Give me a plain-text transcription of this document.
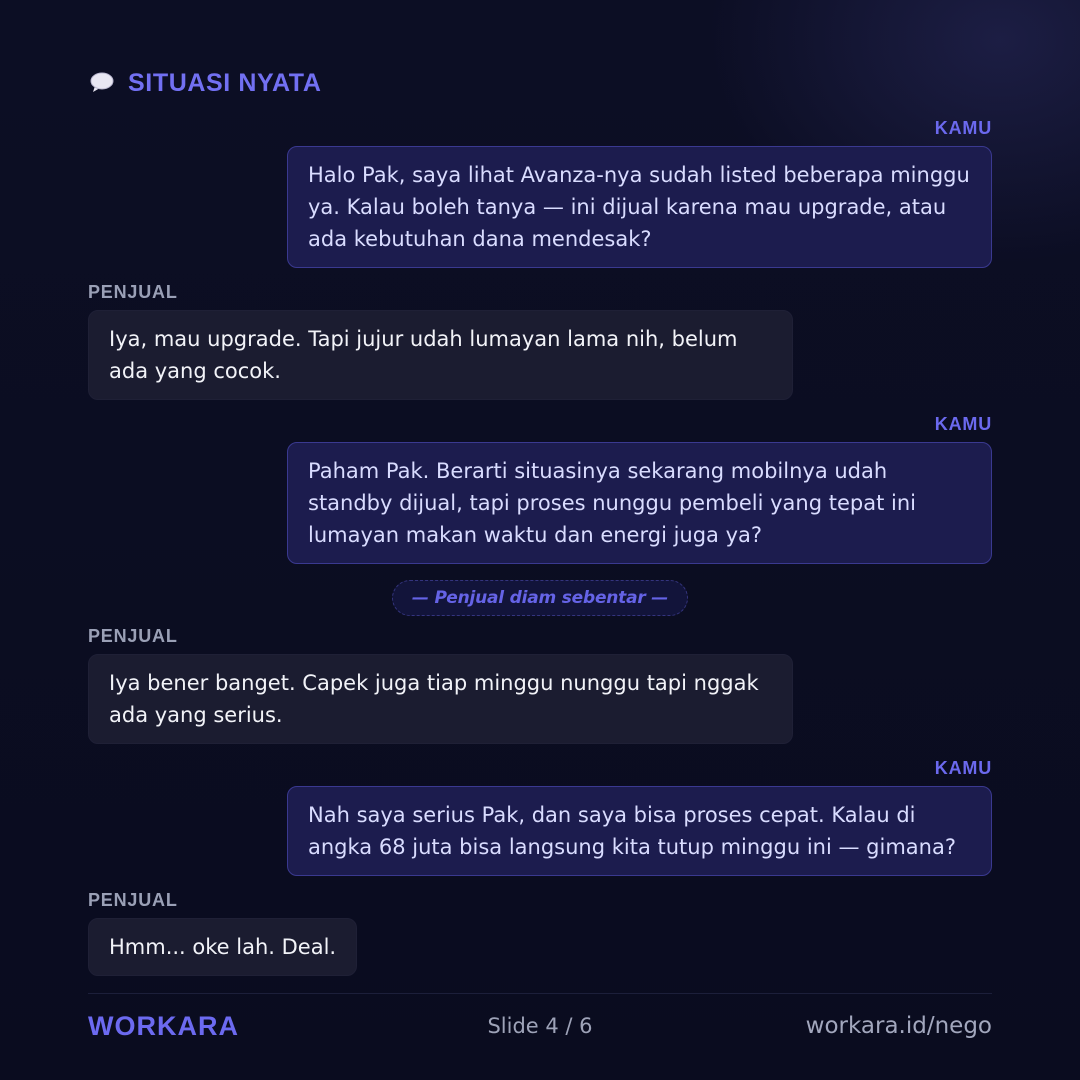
SITUASI NYATA
KAMU
Halo Pak, saya lihat Avanza-nya sudah listed beberapa minggu ya. Kalau boleh tanya — ini dijual karena mau upgrade, atau ada kebutuhan dana mendesak?
PENJUAL
Iya, mau upgrade. Tapi jujur udah lumayan lama nih, belum ada yang cocok.
KAMU
Paham Pak. Berarti situasinya sekarang mobilnya udah standby dijual, tapi proses nunggu pembeli yang tepat ini lumayan makan waktu dan energi juga ya?
— Penjual diam sebentar —
PENJUAL
Iya bener banget. Capek juga tiap minggu nunggu tapi nggak ada yang serius.
KAMU
Nah saya serius Pak, dan saya bisa proses cepat. Kalau di angka 68 juta bisa langsung kita tutup minggu ini — gimana?
PENJUAL
Hmm... oke lah. Deal.
WORKARA	Slide 4 / 6	workara.id/nego
